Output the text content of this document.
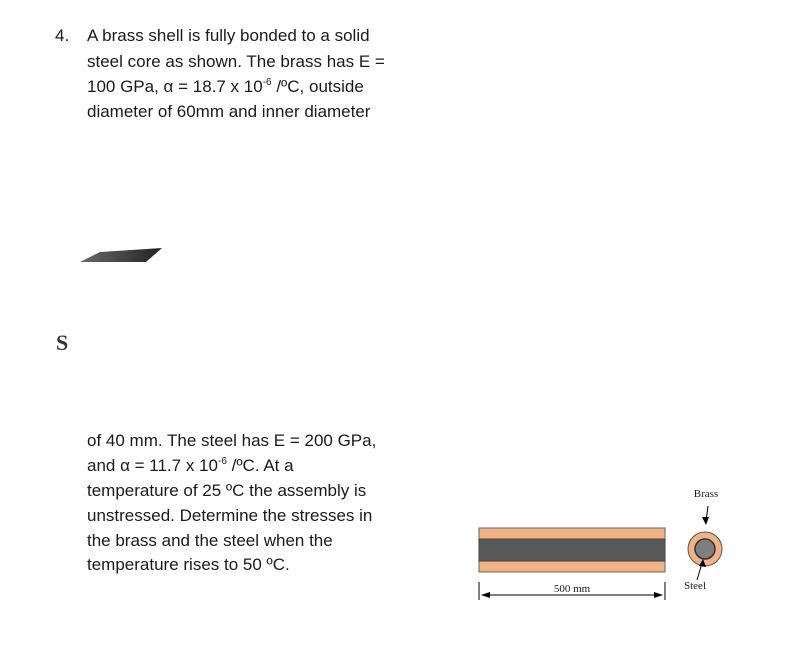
4. A brass shell is fully bonded to a solid
steel core as shown. The brass has E =
100 GPa, α = 18.7 x $10^{-6}$ /ºC, outside
diameter of 60mm and inner diameter
S
of 40 mm. The steel has E = 200 GPa,
and α = 11.7 x $10^{-6}$ /ºC. At a
temperature of 25 ºC the assembly is
unstressed. Determine the stresses in
the brass and the steel when the
temperature rises to 50 ºC.
500 mm
Brass
Steel
